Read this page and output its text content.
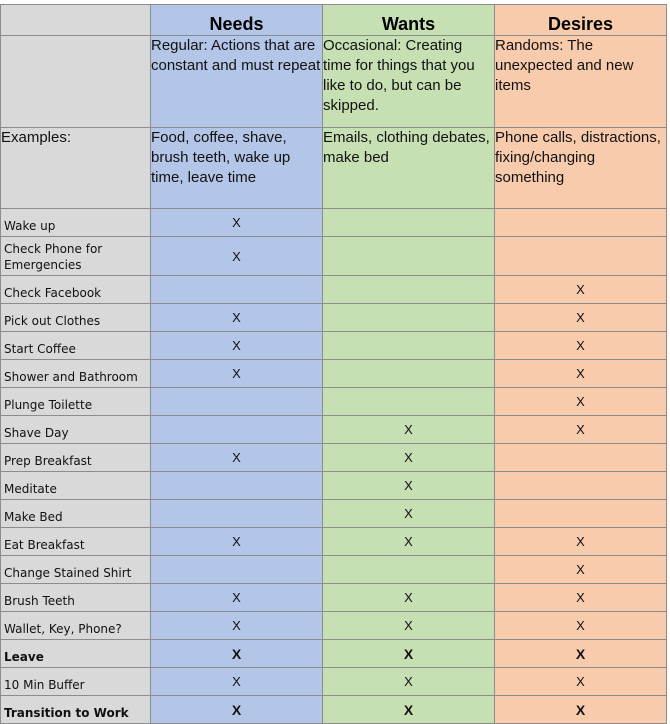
	Needs	Wants	Desires
	Regular: Actions that are constant and must repeat	Occasional: Creating time for things that you like to do, but can be skipped.	Randoms: The unexpected and new items
Examples:	Food, coffee, shave, brush teeth, wake up time, leave time	Emails, clothing debates, make bed	Phone calls, distractions, fixing/changing something
Wake up	X		
Check Phone for Emergencies	X		
Check Facebook			X
Pick out Clothes	X		X
Start Coffee	X		X
Shower and Bathroom	X		X
Plunge Toilette			X
Shave Day		X	X
Prep Breakfast	X	X	
Meditate		X	
Make Bed		X	
Eat Breakfast	X	X	X
Change Stained Shirt			X
Brush Teeth	X	X	X
Wallet, Key, Phone?	X	X	X
Leave	X	X	X
10 Min Buffer	X	X	X
Transition to Work	X	X	X
